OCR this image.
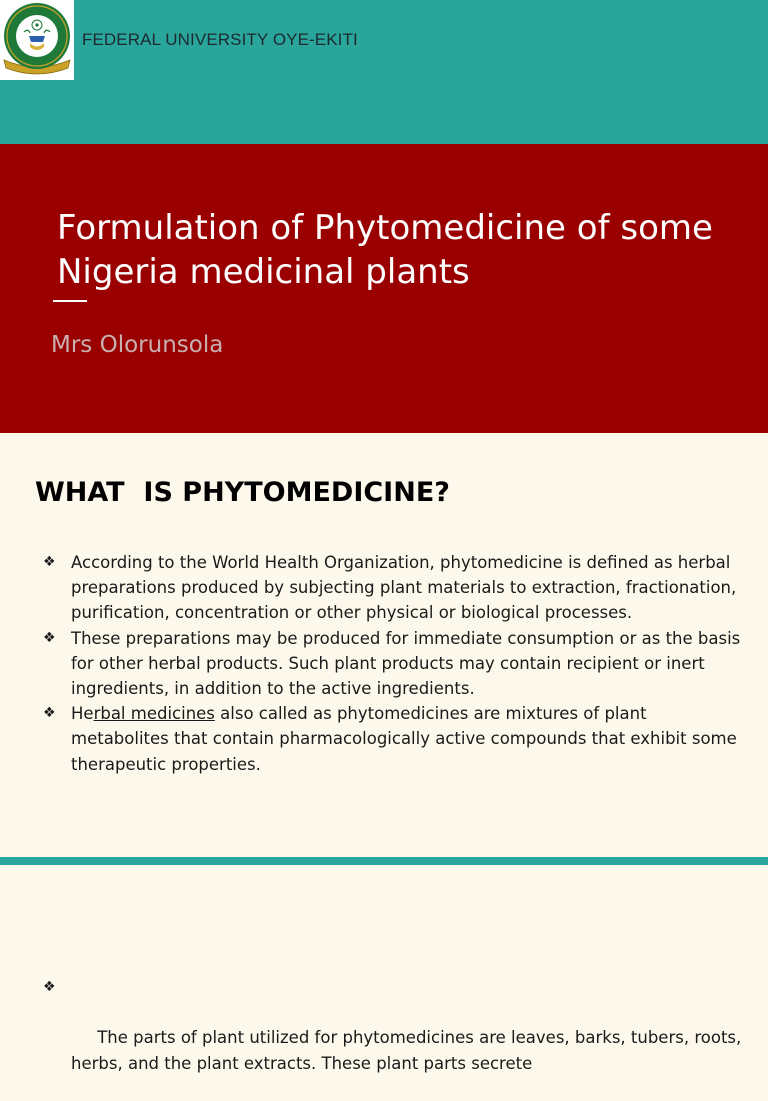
FEDERAL UNIVERSITY OYE-EKITI
Formulation of Phytomedicine of some Nigeria medicinal plants
Mrs Olorunsola
WHAT  IS PHYTOMEDICINE?
❖ According to the World Health Organization, phytomedicine is defined as herbal preparations produced by subjecting plant materials to extraction, fractionation, purification, concentration or other physical or biological processes.
❖ These preparations may be produced for immediate consumption or as the basis for other herbal products. Such plant products may contain recipient or inert ingredients, in addition to the active ingredients.
❖ Herbal medicines also called as phytomedicines are mixtures of plant metabolites that contain pharmacologically active compounds that exhibit some therapeutic properties.

❖

The parts of plant utilized for phytomedicines are leaves, barks, tubers, roots, herbs, and the plant extracts. These plant parts secrete
